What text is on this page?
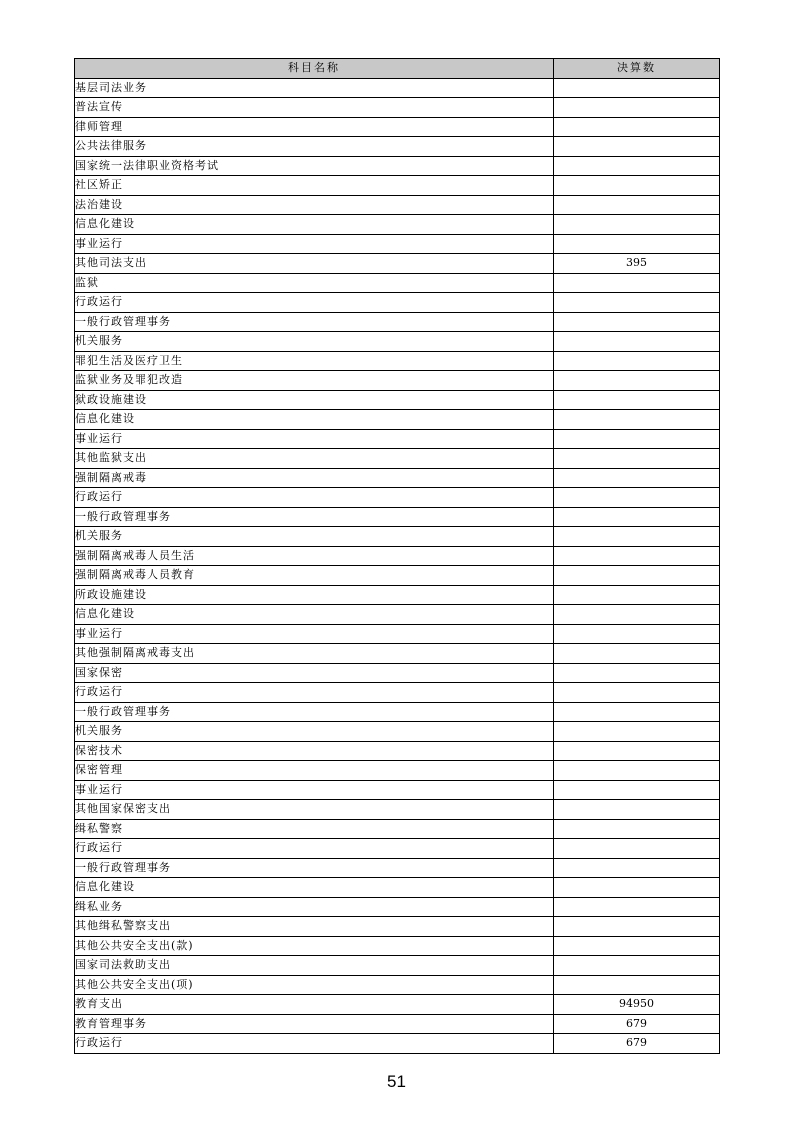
科目名称	决算数
基层司法业务	
普法宣传	
律师管理	
公共法律服务	
国家统一法律职业资格考试	
社区矫正	
法治建设	
信息化建设	
事业运行	
其他司法支出	395
监狱	
行政运行	
一般行政管理事务	
机关服务	
罪犯生活及医疗卫生	
监狱业务及罪犯改造	
狱政设施建设	
信息化建设	
事业运行	
其他监狱支出	
强制隔离戒毒	
行政运行	
一般行政管理事务	
机关服务	
强制隔离戒毒人员生活	
强制隔离戒毒人员教育	
所政设施建设	
信息化建设	
事业运行	
其他强制隔离戒毒支出	
国家保密	
行政运行	
一般行政管理事务	
机关服务	
保密技术	
保密管理	
事业运行	
其他国家保密支出	
缉私警察	
行政运行	
一般行政管理事务	
信息化建设	
缉私业务	
其他缉私警察支出	
其他公共安全支出(款)	
国家司法救助支出	
其他公共安全支出(项)	
教育支出	94950
教育管理事务	679
行政运行	679
51
